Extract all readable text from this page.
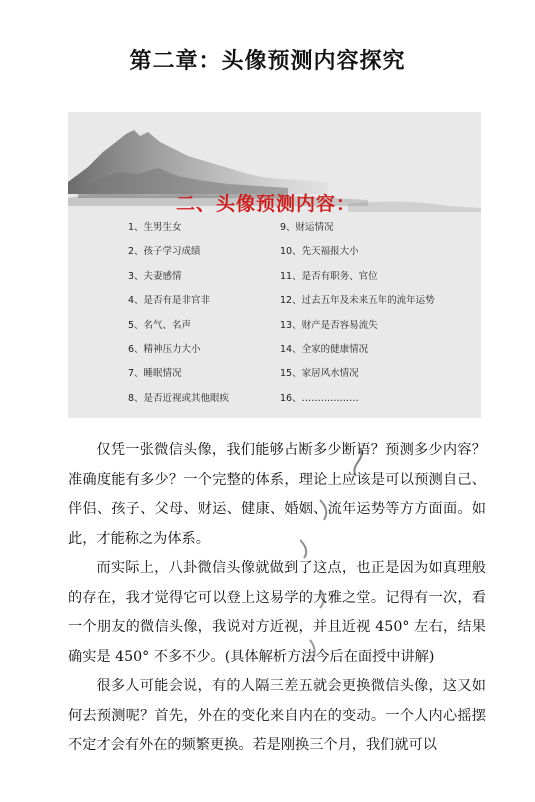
第二章：头像预测内容探究
二、头像预测内容：
1、生男生女
2、孩子学习成绩
3、夫妻感情
4、是否有是非官非
5、名气、名声
6、精神压力大小
7、睡眠情况
8、是否近视或其他眼疾
9、财运情况
10、先天福报大小
11、是否有职务、官位
12、过去五年及未来五年的流年运势
13、财产是否容易流失
14、全家的健康情况
15、家居风水情况
16、………………

仅凭一张微信头像，我们能够占断多少断语？预测多少内容？准确度能有多少？一个完整的体系，理论上应该是可以预测自己、伴侣、孩子、父母、财运、健康、婚姻、流年运势等方方面面。如此，才能称之为体系。

而实际上，八卦微信头像就做到了这点，也正是因为如真理般的存在，我才觉得它可以登上这易学的大雅之堂。记得有一次，看一个朋友的微信头像，我说对方近视，并且近视 450° 左右，结果确实是 450° 不多不少。(具体解析方法今后在面授中讲解)

很多人可能会说，有的人隔三差五就会更换微信头像，这又如何去预测呢？首先，外在的变化来自内在的变动。一个人内心摇摆不定才会有外在的频繁更换。若是刚换三个月，我们就可以
